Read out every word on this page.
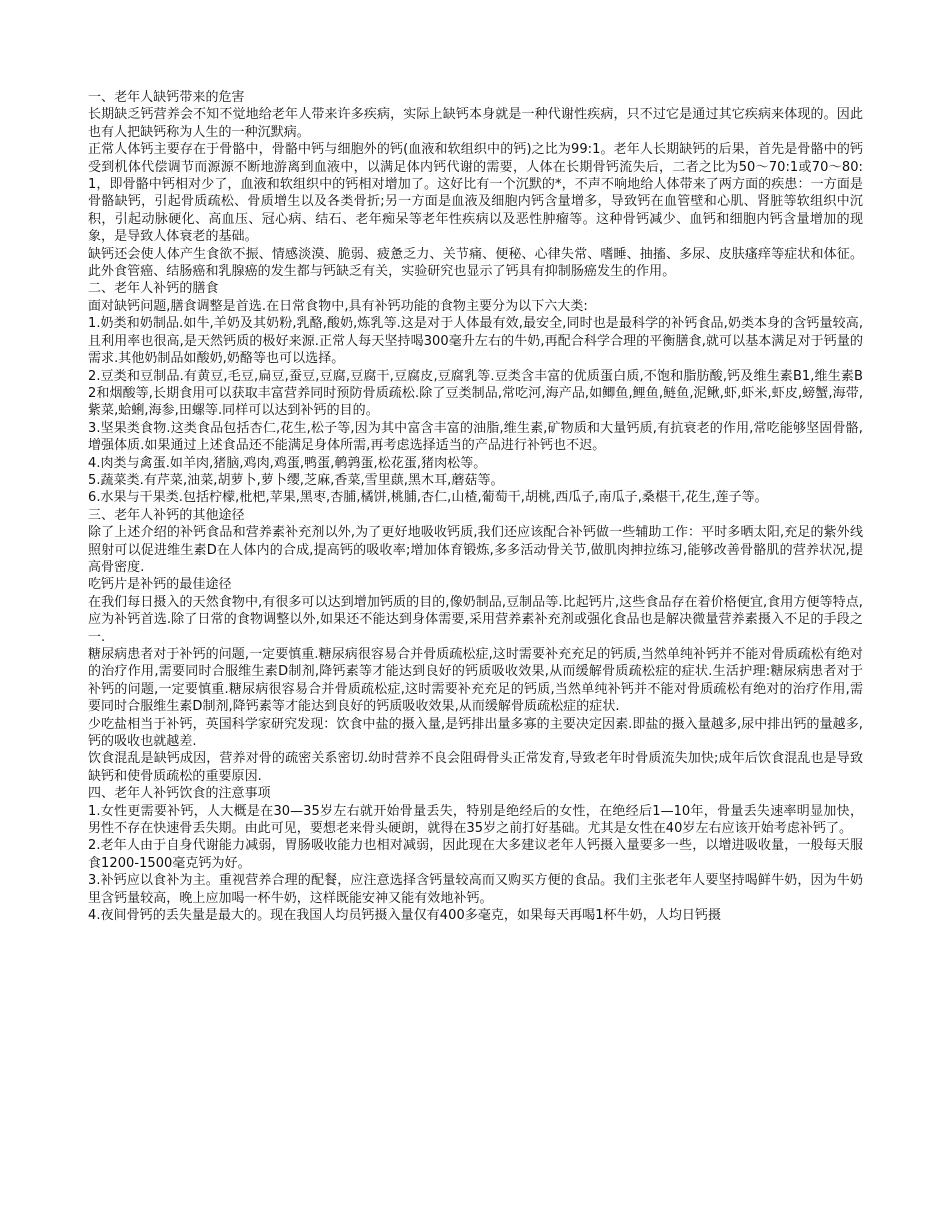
一、老年人缺钙带来的危害

长期缺乏钙营养会不知不觉地给老年人带来许多疾病，实际上缺钙本身就是一种代谢性疾病，只不过它是通过其它疾病来体现的。因此也有人把缺钙称为人生的一种沉默病。

正常人体钙主要存在于骨骼中，骨骼中钙与细胞外的钙(血液和软组织中的钙)之比为99:1。老年人长期缺钙的后果，首先是骨骼中的钙受到机体代偿调节而源源不断地游离到血液中，以满足体内钙代谢的需要，人体在长期骨钙流失后，二者之比为50～70:1或70～80:1，即骨骼中钙相对少了，血液和软组织中的钙相对增加了。这好比有一个沉默的*，不声不响地给人体带来了两方面的疾患：一方面是骨骼缺钙，引起骨质疏松、骨质增生以及各类骨折;另一方面是血液及细胞内钙含量增多，导致钙在血管壁和心肌、肾脏等软组织中沉积，引起动脉硬化、高血压、冠心病、结石、老年痴呆等老年性疾病以及恶性肿瘤等。这种骨钙减少、血钙和细胞内钙含量增加的现象，是导致人体衰老的基础。

缺钙还会使人体产生食欲不振、情感淡漠、脆弱、疲惫乏力、关节痛、便秘、心律失常、嗜睡、抽搐、多尿、皮肤瘙痒等症状和体征。此外食管癌、结肠癌和乳腺癌的发生都与钙缺乏有关，实验研究也显示了钙具有抑制肠癌发生的作用。

二、老年人补钙的膳食

面对缺钙问题,膳食调整是首选.在日常食物中,具有补钙功能的食物主要分为以下六大类:

1.奶类和奶制品.如牛,羊奶及其奶粉,乳酪,酸奶,炼乳等.这是对于人体最有效,最安全,同时也是最科学的补钙食品,奶类本身的含钙量较高,且利用率也很高,是天然钙质的极好来源.正常人每天坚持喝300毫升左右的牛奶,再配合科学合理的平衡膳食,就可以基本满足对于钙量的需求.其他奶制品如酸奶,奶酪等也可以选择。

2.豆类和豆制品.有黄豆,毛豆,扁豆,蚕豆,豆腐,豆腐干,豆腐皮,豆腐乳等.豆类含丰富的优质蛋白质,不饱和脂肪酸,钙及维生素B1,维生素B2和烟酸等,长期食用可以获取丰富营养同时预防骨质疏松.除了豆类制品,常吃河,海产品,如鲫鱼,鲤鱼,鲢鱼,泥鳅,虾,虾米,虾皮,螃蟹,海带,紫菜,蛤蜊,海参,田螺等.同样可以达到补钙的目的。

3.坚果类食物.这类食品包括杏仁,花生,松子等,因为其中富含丰富的油脂,维生素,矿物质和大量钙质,有抗衰老的作用,常吃能够坚固骨骼,增强体质.如果通过上述食品还不能满足身体所需,再考虑选择适当的产品进行补钙也不迟。

4.肉类与禽蛋.如羊肉,猪脑,鸡肉,鸡蛋,鸭蛋,鹌鹑蛋,松花蛋,猪肉松等。

5.蔬菜类.有芹菜,油菜,胡萝卜,萝卜缨,芝麻,香菜,雪里蕻,黑木耳,蘑菇等。

6.水果与干果类.包括柠檬,枇杷,苹果,黑枣,杏脯,橘饼,桃脯,杏仁,山楂,葡萄干,胡桃,西瓜子,南瓜子,桑椹干,花生,莲子等。

三、老年人补钙的其他途径

除了上述介绍的补钙食品和营养素补充剂以外,为了更好地吸收钙质,我们还应该配合补钙做一些辅助工作：平时多晒太阳,充足的紫外线照射可以促进维生素D在人体内的合成,提高钙的吸收率;增加体育锻炼,多多活动骨关节,做肌肉抻拉练习,能够改善骨骼肌的营养状况,提高骨密度.

吃钙片是补钙的最佳途径

在我们每日摄入的天然食物中,有很多可以达到增加钙质的目的,像奶制品,豆制品等.比起钙片,这些食品存在着价格便宜,食用方便等特点,应为补钙首选.除了日常的食物调整以外,如果还不能达到身体需要,采用营养素补充剂或强化食品也是解决微量营养素摄入不足的手段之一.

糖尿病患者对于补钙的问题,一定要慎重.糖尿病很容易合并骨质疏松症,这时需要补充充足的钙质,当然单纯补钙并不能对骨质疏松有绝对的治疗作用,需要同时合服维生素D制剂,降钙素等才能达到良好的钙质吸收效果,从而缓解骨质疏松症的症状.生活护理:糖尿病患者对于补钙的问题,一定要慎重.糖尿病很容易合并骨质疏松症,这时需要补充充足的钙质,当然单纯补钙并不能对骨质疏松有绝对的治疗作用,需要同时合服维生素D制剂,降钙素等才能达到良好的钙质吸收效果,从而缓解骨质疏松症的症状.

少吃盐相当于补钙，英国科学家研究发现：饮食中盐的摄入量,是钙排出量多寡的主要决定因素.即盐的摄入量越多,尿中排出钙的量越多,钙的吸收也就越差.

饮食混乱是缺钙成因，营养对骨的疏密关系密切.幼时营养不良会阻碍骨头正常发育,导致老年时骨质流失加快;成年后饮食混乱也是导致缺钙和使骨质疏松的重要原因.

四、老年人补钙饮食的注意事项

1.女性更需要补钙，人大概是在30—35岁左右就开始骨量丢失，特别是绝经后的女性，在绝经后1—10年，骨量丢失速率明显加快，男性不存在快速骨丢失期。由此可见，要想老来骨头硬朗，就得在35岁之前打好基础。尤其是女性在40岁左右应该开始考虑补钙了。

2.老年人由于自身代谢能力减弱，胃肠吸收能力也相对减弱，因此现在大多建议老年人钙摄入量要多一些，以增进吸收量，一般每天服食1200-1500毫克钙为好。

3.补钙应以食补为主。重视营养合理的配餐，应注意选择含钙量较高而又购买方便的食品。我们主张老年人要坚持喝鲜牛奶，因为牛奶里含钙量较高，晚上应加喝一杯牛奶，这样既能安神又能有效地补钙。

4.夜间骨钙的丢失量是最大的。现在我国人均员钙摄入量仅有400多毫克，如果每天再喝1杯牛奶，人均日钙摄
